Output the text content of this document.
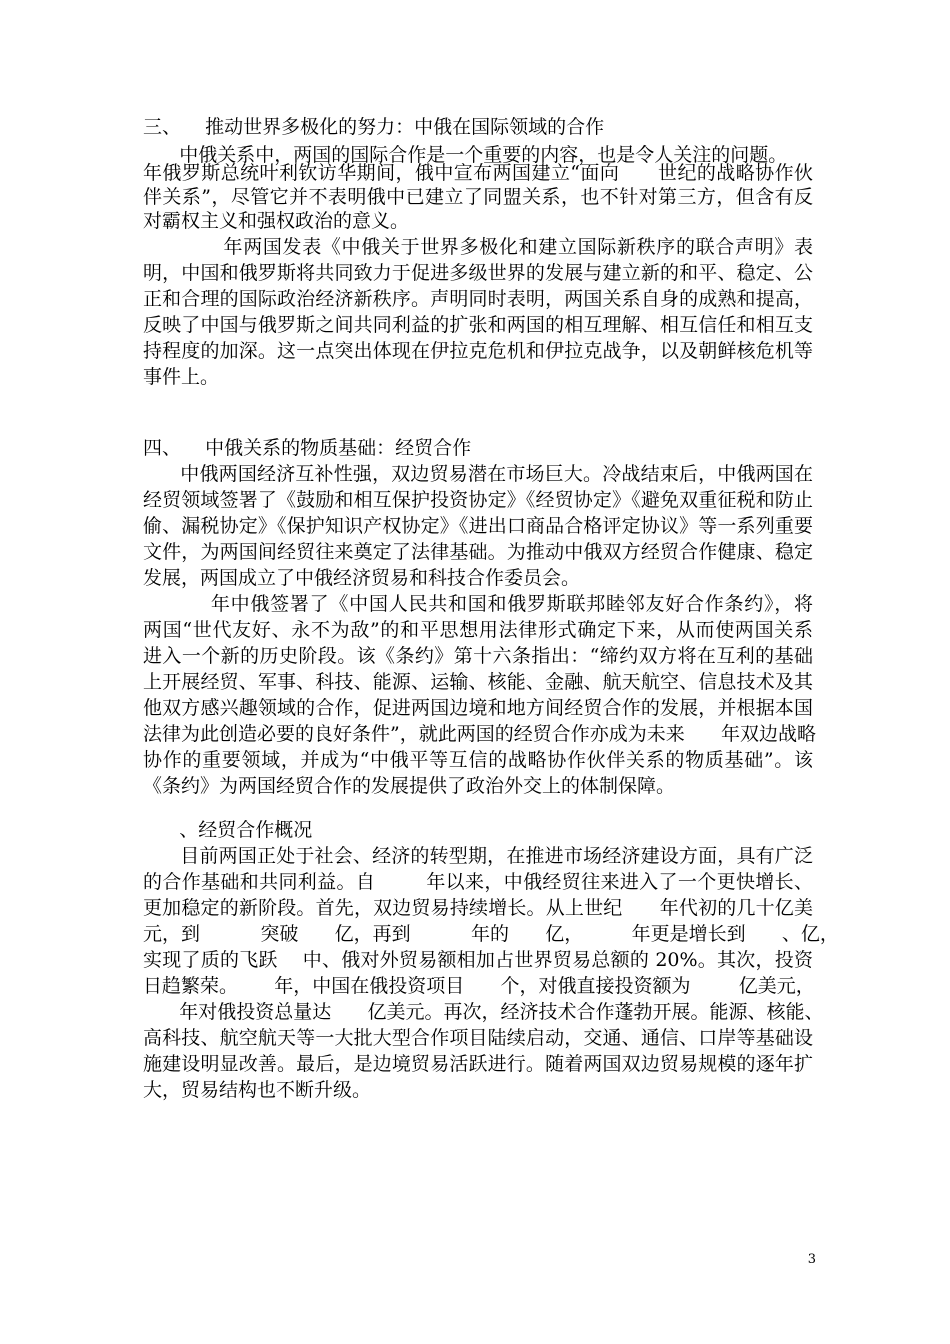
三、    推动世界多极化的努力：中俄在国际领域的合作
中俄关系中，两国的国际合作是一个重要的内容，也是令人关注的问题。
年俄罗斯总统叶利钦访华期间，俄中宣布两国建立“面向      世纪的战略协作伙
伴关系”，尽管它并不表明俄中已建立了同盟关系，也不针对第三方，但含有反
对霸权主义和强权政治的意义。
年两国发表《中俄关于世界多极化和建立国际新秩序的联合声明》表
明，中国和俄罗斯将共同致力于促进多级世界的发展与建立新的和平、稳定、公
正和合理的国际政治经济新秩序。声明同时表明，两国关系自身的成熟和提高，
反映了中国与俄罗斯之间共同利益的扩张和两国的相互理解、相互信任和相互支
持程度的加深。这一点突出体现在伊拉克危机和伊拉克战争，以及朝鲜核危机等
事件上。
四、    中俄关系的物质基础：经贸合作
中俄两国经济互补性强，双边贸易潜在市场巨大。冷战结束后，中俄两国在
经贸领域签署了《鼓励和相互保护投资协定》《经贸协定》《避免双重征税和防止
偷、漏税协定》《保护知识产权协定》《进出口商品合格评定协议》等一系列重要
文件，为两国间经贸往来奠定了法律基础。为推动中俄双方经贸合作健康、稳定
发展，两国成立了中俄经济贸易和科技合作委员会。
年中俄签署了《中国人民共和国和俄罗斯联邦睦邻友好合作条约》，将
两国“世代友好、永不为敌”的和平思想用法律形式确定下来，从而使两国关系
进入一个新的历史阶段。该《条约》第十六条指出：“缔约双方将在互利的基础
上开展经贸、军事、科技、能源、运输、核能、金融、航天航空、信息技术及其
他双方感兴趣领域的合作，促进两国边境和地方间经贸合作的发展，并根据本国
法律为此创造必要的良好条件”，就此两国的经贸合作亦成为未来      年双边战略
协作的重要领域，并成为“中俄平等互信的战略协作伙伴关系的物质基础”。该
《条约》为两国经贸合作的发展提供了政治外交上的体制保障。
、经贸合作概况
目前两国正处于社会、经济的转型期，在推进市场经济建设方面，具有广泛
的合作基础和共同利益。自        年以来，中俄经贸往来进入了一个更快增长、
更加稳定的新阶段。首先，双边贸易持续增长。从上世纪      年代初的几十亿美
元，到          突破      亿，再到          年的      亿，        年更是增长到      、亿，
实现了质的飞跃    中、俄对外贸易额相加占世界贸易总额的 20%。其次，投资
日趋繁荣。      年，中国在俄投资项目      个，对俄直接投资额为        亿美元，
年对俄投资总量达      亿美元。再次，经济技术合作蓬勃开展。能源、核能、
高科技、航空航天等一大批大型合作项目陆续启动，交通、通信、口岸等基础设
施建设明显改善。最后，是边境贸易活跃进行。随着两国双边贸易规模的逐年扩
大，贸易结构也不断升级。
3
